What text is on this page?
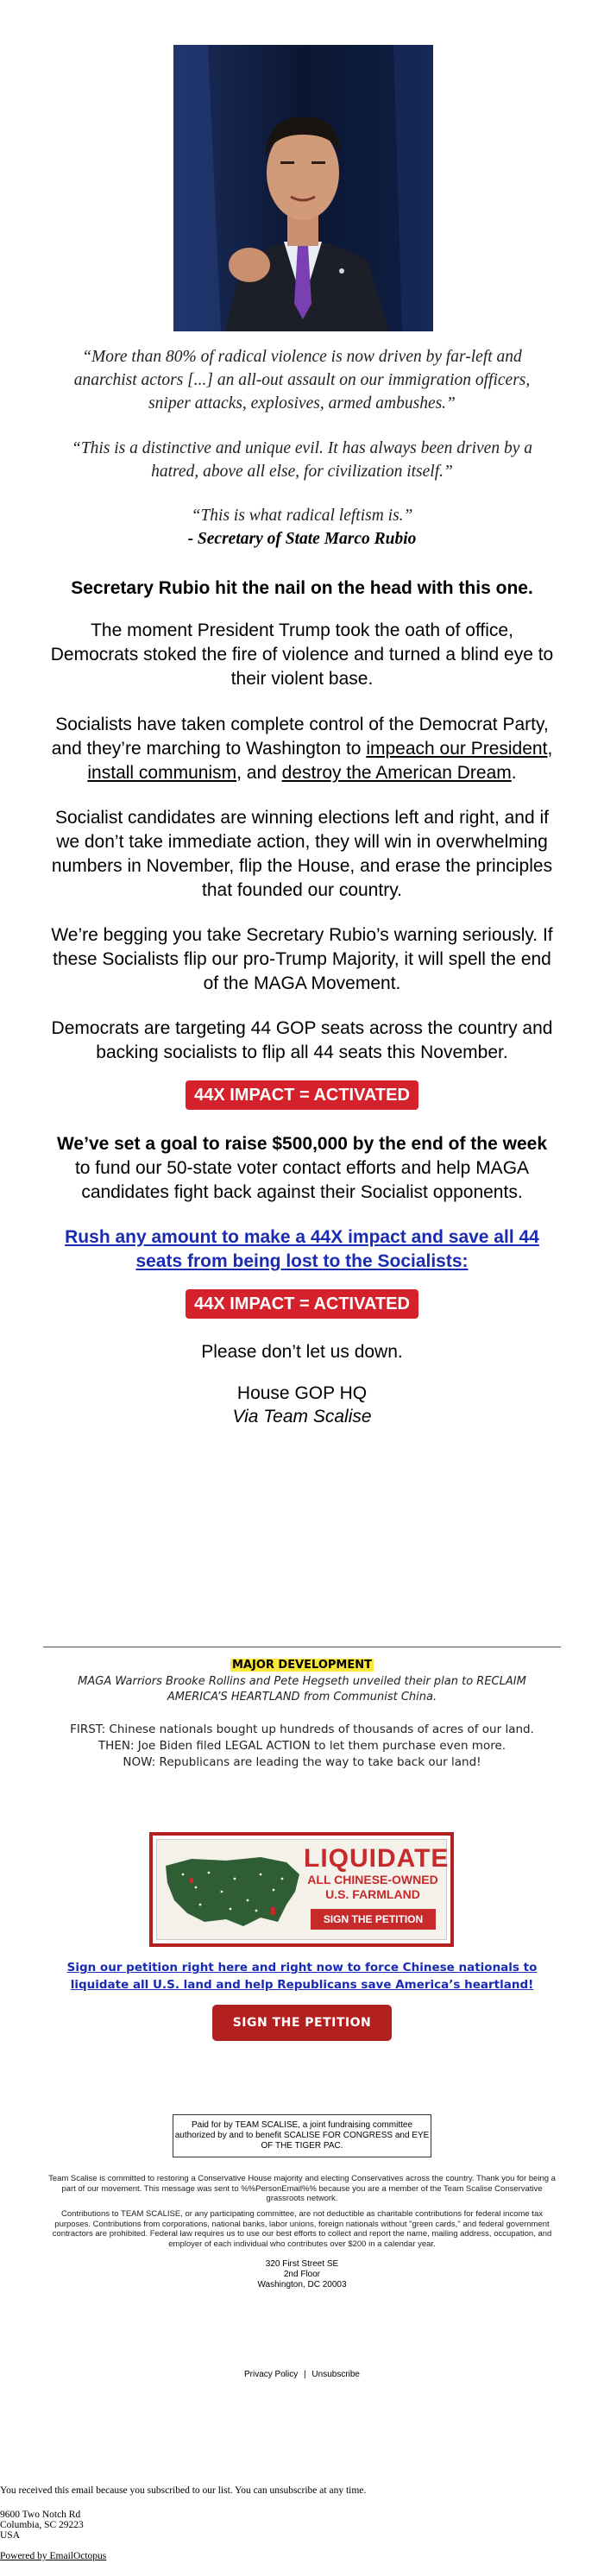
“More than 80% of radical violence is now driven by far-left and anarchist actors [...] an all-out assault on our immigration officers, sniper attacks, explosives, armed ambushes.”
“This is a distinctive and unique evil. It has always been driven by a hatred, above all else, for civilization itself.”
“This is what radical leftism is.”
- Secretary of State Marco Rubio
Secretary Rubio hit the nail on the head with this one.
The moment President Trump took the oath of office, Democrats stoked the fire of violence and turned a blind eye to their violent base.
Socialists have taken complete control of the Democrat Party, and they’re marching to Washington to impeach our President, install communism, and destroy the American Dream.
Socialist candidates are winning elections left and right, and if we don’t take immediate action, they will win in overwhelming numbers in November, flip the House, and erase the principles that founded our country.
We’re begging you take Secretary Rubio’s warning seriously. If these Socialists flip our pro-Trump Majority, it will spell the end of the MAGA Movement.
Democrats are targeting 44 GOP seats across the country and backing socialists to flip all 44 seats this November.
44X IMPACT = ACTIVATED
We’ve set a goal to raise $500,000 by the end of the week to fund our 50-state voter contact efforts and help MAGA candidates fight back against their Socialist opponents.
Rush any amount to make a 44X impact and save all 44 seats from being lost to the Socialists:
44X IMPACT = ACTIVATED
Please don’t let us down.
House GOP HQ
Via Team Scalise
MAJOR DEVELOPMENT
MAGA Warriors Brooke Rollins and Pete Hegseth unveiled their plan to RECLAIM AMERICA’S HEARTLAND from Communist China.
FIRST: Chinese nationals bought up hundreds of thousands of acres of our land.
THEN: Joe Biden filed LEGAL ACTION to let them purchase even more.
NOW: Republicans are leading the way to take back our land!
LIQUIDATE
ALL CHINESE-OWNED
U.S. FARMLAND
SIGN THE PETITION
Sign our petition right here and right now to force Chinese nationals to liquidate all U.S. land and help Republicans save America’s heartland!
SIGN THE PETITION
Paid for by TEAM SCALISE, a joint fundraising committee authorized by and to benefit SCALISE FOR CONGRESS and EYE OF THE TIGER PAC.
Team Scalise is committed to restoring a Conservative House majority and electing Conservatives across the country. Thank you for being a part of our movement. This message was sent to %%PersonEmail%% because you are a member of the Team Scalise Conservative grassroots network.
Contributions to TEAM SCALISE, or any participating committee, are not deductible as charitable contributions for federal income tax purposes. Contributions from corporations, national banks, labor unions, foreign nationals without "green cards," and federal government contractors are prohibited. Federal law requires us to use our best efforts to collect and report the name, mailing address, occupation, and employer of each individual who contributes over $200 in a calendar year.
320 First Street SE
2nd Floor
Washington, DC 20003
Privacy Policy | Unsubscribe
You received this email because you subscribed to our list. You can unsubscribe at any time.
9600 Two Notch Rd
Columbia, SC 29223
USA
Powered by EmailOctopus
